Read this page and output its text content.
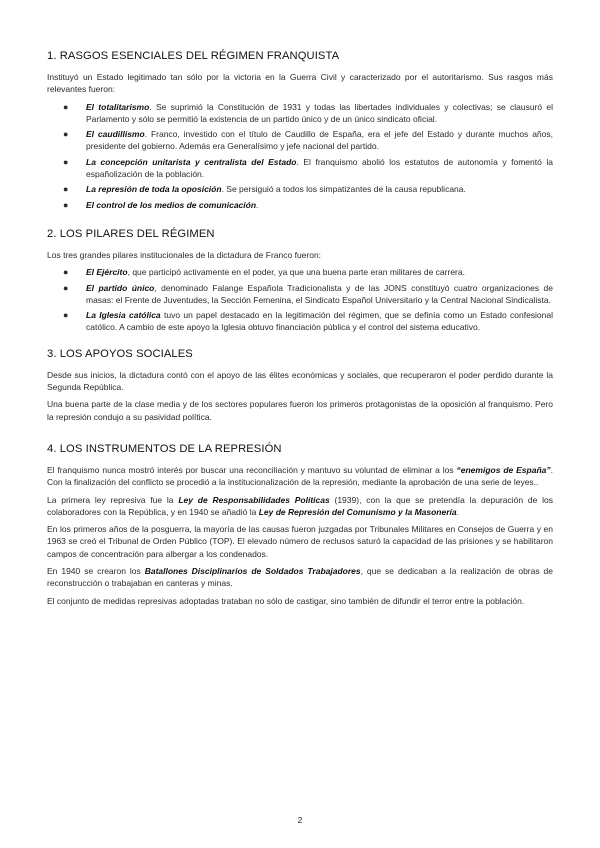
1. RASGOS ESENCIALES DEL RÉGIMEN FRANQUISTA

Instituyó un Estado legitimado tan sólo por la victoria en la Guerra Civil y caracterizado por el autoritarismo. Sus rasgos más relevantes fueron:

● El totalitarismo. Se suprimió la Constitución de 1931 y todas las libertades individuales y colectivas; se clausuró el Parlamento y sólo se permitió la existencia de un partido único y de un único sindicato oficial.
● El caudillismo. Franco, investido con el título de Caudillo de España, era el jefe del Estado y durante muchos años, presidente del gobierno. Además era Generalísimo y jefe nacional del partido.
● La concepción unitarista y centralista del Estado. El franquismo abolió los estatutos de autonomía y fomentó la españolización de la población.
● La represión de toda la oposición. Se persiguió a todos los simpatizantes de la causa republicana.
● El control de los medios de comunicación.
2. LOS PILARES DEL RÉGIMEN

Los tres grandes pilares institucionales de la dictadura de Franco fueron:

● El Ejército, que participó activamente en el poder, ya que una buena parte eran militares de carrera.
● El partido único, denominado Falange Española Tradicionalista y de las JONS constituyó cuatro organizaciones de masas: el Frente de Juventudes, la Sección Femenina, el Sindicato Español Universitario y la Central Nacional Sindicalista.
● La Iglesia católica tuvo un papel destacado en la legitimación del régimen, que se definía como un Estado confesional católico. A cambio de este apoyo la Iglesia obtuvo financiación pública y el control del sistema educativo.
3. LOS APOYOS SOCIALES

Desde sus inicios, la dictadura contó con el apoyo de las élites económicas y sociales, que recuperaron el poder perdido durante la Segunda República.

Una buena parte de la clase media y de los sectores populares fueron los primeros protagonistas de la oposición al franquismo. Pero la represión condujo a su pasividad política.

4. LOS INSTRUMENTOS DE LA REPRESIÓN

El franquismo nunca mostró interés por buscar una reconciliación y mantuvo su voluntad de eliminar a los “enemigos de España”. Con la finalización del conflicto se procedió a la institucionalización de la represión, mediante la aprobación de una serie de leyes..

La primera ley represiva fue la Ley de Responsabilidades Políticas (1939), con la que se pretendía la depuración de los colaboradores con la República, y en 1940 se añadió la Ley de Represión del Comunismo y la Masonería.

En los primeros años de la posguerra, la mayoría de las causas fueron juzgadas por Tribunales Militares en Consejos de Guerra y en 1963 se creó el Tribunal de Orden Público (TOP). El elevado número de reclusos saturó la capacidad de las prisiones y se habilitaron campos de concentración para albergar a los condenados.

En 1940 se crearon los Batallones Disciplinarios de Soldados Trabajadores, que se dedicaban a la realización de obras de reconstrucción o trabajaban en canteras y minas.

El conjunto de medidas represivas adoptadas trataban no sólo de castigar, sino también de difundir el terror entre la población.

2
